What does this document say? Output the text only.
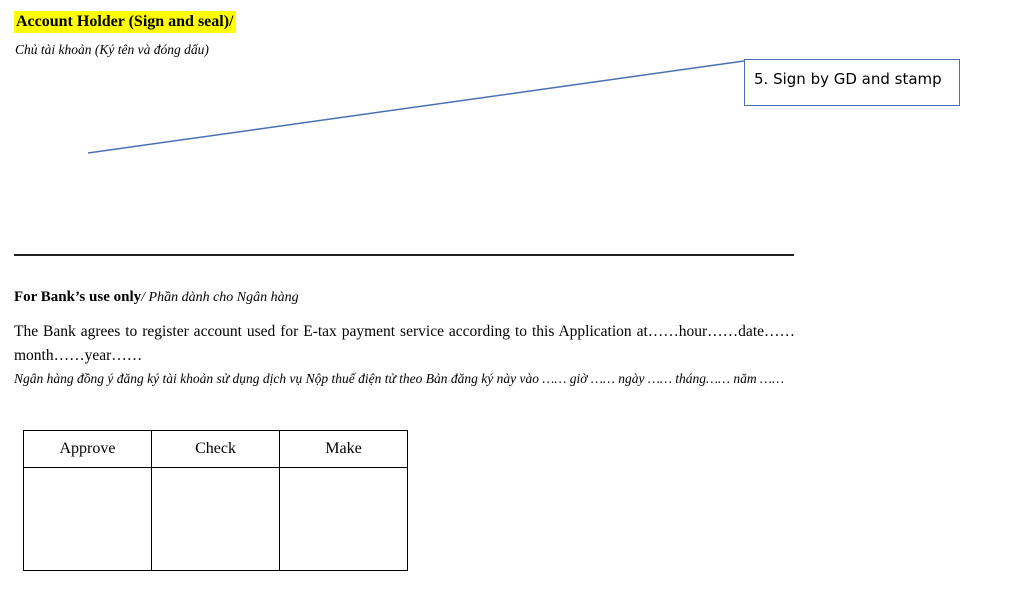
Account Holder (Sign and seal)/
Chủ tài khoản (Ký tên và đóng dấu)
5. Sign by GD and stamp
For Bank’s use only/ Phần dành cho Ngân hàng
The Bank agrees to register account used for E-tax payment service according to this Application at……hour……date……month……year……
Ngân hàng đồng ý đăng ký tài khoản sử dụng dịch vụ Nộp thuế điện tử theo Bản đăng ký này vào …… giờ …… ngày …… tháng…… năm ……
Approve	Check	Make
